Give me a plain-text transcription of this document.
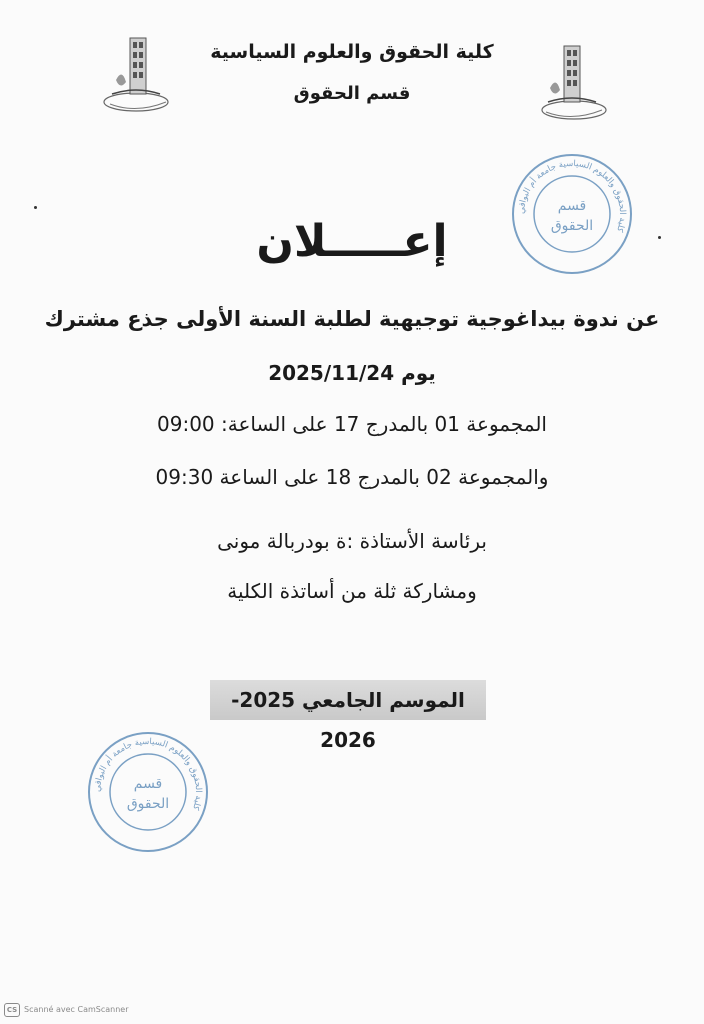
كلية الحقوق والعلوم السياسية
قسم الحقوق
كلية الحقوق والعلوم السياسية جامعة أم البواقي
قسم
الحقوق
إعـــــلان
عن ندوة بيداغوجية توجيهية لطلبة السنة الأولى جذع مشترك
يوم 2025/11/24
المجموعة 01 بالمدرج 17 على الساعة: 09:00
والمجموعة 02 بالمدرج 18 على الساعة 09:30
برئاسة الأستاذة :ة بودربالة مونى
ومشاركة ثلة من أساتذة الكلية
الموسم الجامعي 2025-2026
كلية الحقوق والعلوم السياسية جامعة أم البواقي
قسم
الحقوق
CS Scanné avec CamScanner
